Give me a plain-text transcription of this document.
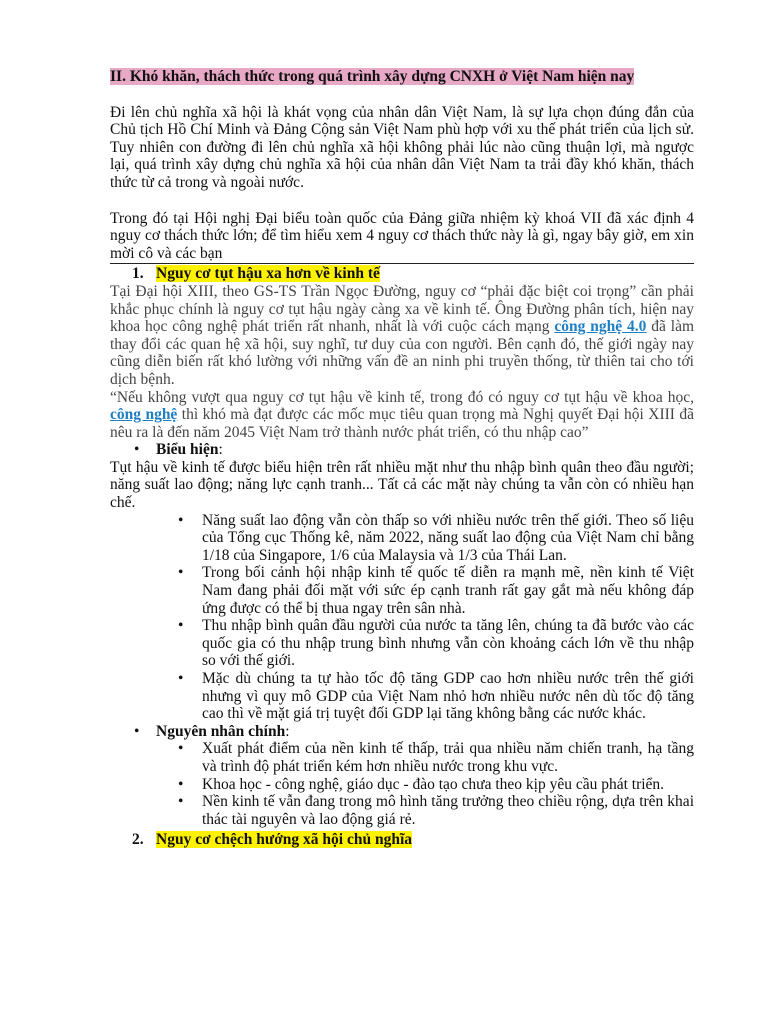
II. Khó khăn, thách thức trong quá trình xây dựng CNXH ở Việt Nam hiện nay

Đi lên chủ nghĩa xã hội là khát vọng của nhân dân Việt Nam, là sự lựa chọn đúng đắn của Chủ tịch Hồ Chí Minh và Đảng Cộng sản Việt Nam phù hợp với xu thế phát triển của lịch sử. Tuy nhiên con đường đi lên chủ nghĩa xã hội không phải lúc nào cũng thuận lợi, mà ngược lại, quá trình xây dựng chủ nghĩa xã hội của nhân dân Việt Nam ta trải đầy khó khăn, thách thức từ cả trong và ngoài nước.

Trong đó tại Hội nghị Đại biểu toàn quốc của Đảng giữa nhiệm kỳ khoá VII đã xác định 4 nguy cơ thách thức lớn; để tìm hiểu xem 4 nguy cơ thách thức này là gì, ngay bây giờ, em xin mời cô và các bạn

1. Nguy cơ tụt hậu xa hơn về kinh tế

Tại Đại hội XIII, theo GS-TS Trần Ngọc Đường, nguy cơ “phải đặc biệt coi trọng” cần phải khắc phục chính là nguy cơ tụt hậu ngày càng xa về kinh tế. Ông Đường phân tích, hiện nay khoa học công nghệ phát triển rất nhanh, nhất là với cuộc cách mạng công nghệ 4.0 đã làm thay đổi các quan hệ xã hội, suy nghĩ, tư duy của con người. Bên cạnh đó, thế giới ngày nay cũng diễn biến rất khó lường với những vấn đề an ninh phi truyền thống, từ thiên tai cho tới dịch bệnh.

“Nếu không vượt qua nguy cơ tụt hậu về kinh tế, trong đó có nguy cơ tụt hậu về khoa học, công nghệ thì khó mà đạt được các mốc mục tiêu quan trọng mà Nghị quyết Đại hội XIII đã nêu ra là đến năm 2045 Việt Nam trở thành nước phát triển, có thu nhập cao”

• Biểu hiện:

Tụt hậu về kinh tế được biểu hiện trên rất nhiều mặt như thu nhập bình quân theo đầu người; năng suất lao động; năng lực cạnh tranh... Tất cả các mặt này chúng ta vẫn còn có nhiều hạn chế.

• Năng suất lao động vẫn còn thấp so với nhiều nước trên thế giới. Theo số liệu của Tổng cục Thống kê, năm 2022, năng suất lao động của Việt Nam chỉ bằng 1/18 của Singapore, 1/6 của Malaysia và 1/3 của Thái Lan.
• Trong bối cảnh hội nhập kinh tế quốc tế diễn ra mạnh mẽ, nền kinh tế Việt Nam đang phải đối mặt với sức ép cạnh tranh rất gay gắt mà nếu không đáp ứng được có thể bị thua ngay trên sân nhà.
• Thu nhập bình quân đầu người của nước ta tăng lên, chúng ta đã bước vào các quốc gia có thu nhập trung bình nhưng vẫn còn khoảng cách lớn về thu nhập so với thế giới.
• Mặc dù chúng ta tự hào tốc độ tăng GDP cao hơn nhiều nước trên thế giới nhưng vì quy mô GDP của Việt Nam nhỏ hơn nhiều nước nên dù tốc độ tăng cao thì về mặt giá trị tuyệt đối GDP lại tăng không bằng các nước khác.
• Nguyên nhân chính:
• Xuất phát điểm của nền kinh tế thấp, trải qua nhiều năm chiến tranh, hạ tầng và trình độ phát triển kém hơn nhiều nước trong khu vực.
• Khoa học - công nghệ, giáo dục - đào tạo chưa theo kịp yêu cầu phát triển.
• Nền kinh tế vẫn đang trong mô hình tăng trưởng theo chiều rộng, dựa trên khai thác tài nguyên và lao động giá rẻ.
2. Nguy cơ chệch hướng xã hội chủ nghĩa
